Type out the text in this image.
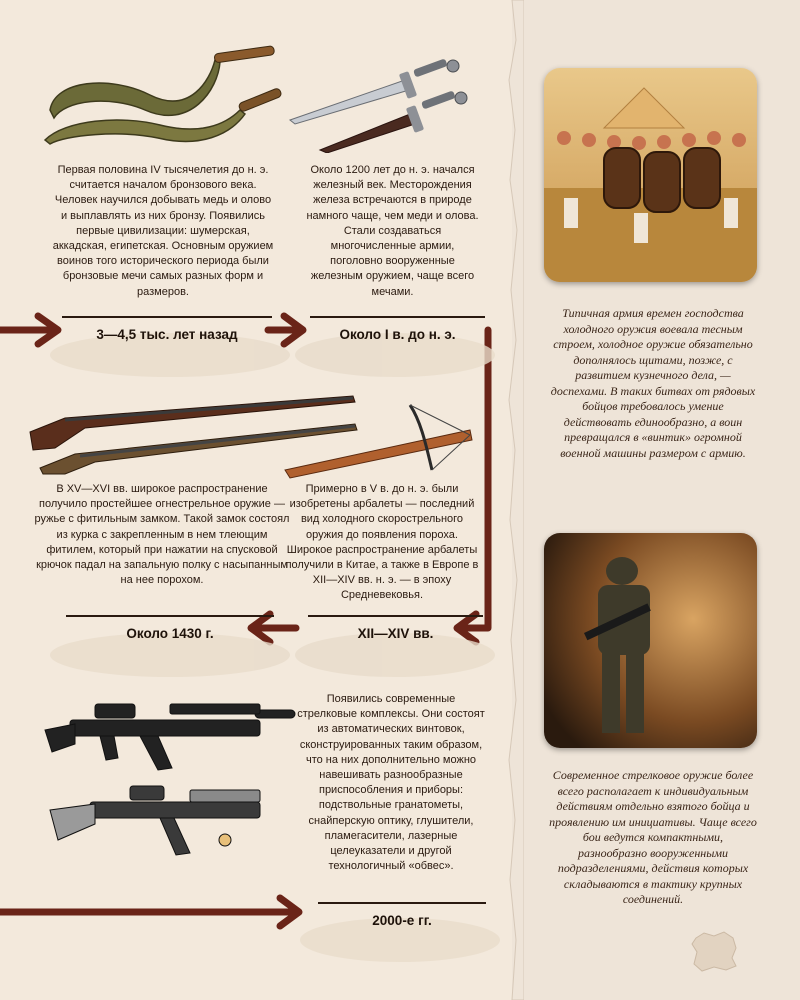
Первая половина IV тысячелетия до н. э. считается началом бронзового века. Человек научился добывать медь и олово и выплавлять из них бронзу. Появились первые цивилизации: шумерская, аккадская, египетская. Основным оружием воинов того исторического периода были бронзовые мечи самых разных форм и размеров.
3—4,5 тыс. лет назад
Около 1200 лет до н. э. начался железный век. Месторождения железа встречаются в природе намного чаще, чем меди и олова. Стали создаваться многочисленные армии, поголовно вооруженные железным оружием, чаще всего мечами.
Около I в. до н. э.
Примерно в V в. до н. э. были изобретены арбалеты — последний вид холодного скорострельного оружия до появления пороха. Широкое распространение арбалеты получили в Китае, а также в Европе в XII—XIV вв. н. э. — в эпоху Средневековья.
XII—XIV вв.
В XV—XVI вв. широкое распространение получило простейшее огнестрельное оружие — ружье с фитильным замком. Такой замок состоял из курка с закрепленным в нем тлеющим фитилем, который при нажатии на спусковой крючок падал на запальную полку с насыпанным на нее порохом.
Около 1430 г.
Появились современные стрелковые комплексы. Они состоят из автоматических винтовок, сконструированных таким образом, что на них дополнительно можно навешивать разнообразные приспособления и приборы: подствольные гранатометы, снайперскую оптику, глушители, пламегасители, лазерные целеуказатели и другой технологичный «обвес».
2000-е гг.
Типичная армия времен господства холодного оружия воевала тесным строем, холодное оружие обязательно дополнялось щитами, позже, с развитием кузнечного дела, — доспехами. В таких битвах от рядовых бойцов требовалось умение действовать единообразно, а воин превращался в «винтик» огромной военной машины размером с армию.
Современное стрелковое оружие более всего располагает к индивидуальным действиям отдельно взятого бойца и проявлению им инициативы. Чаще всего бои ведутся компактными, разнообразно вооруженными подразделениями, действия которых складываются в тактику крупных соединений.
